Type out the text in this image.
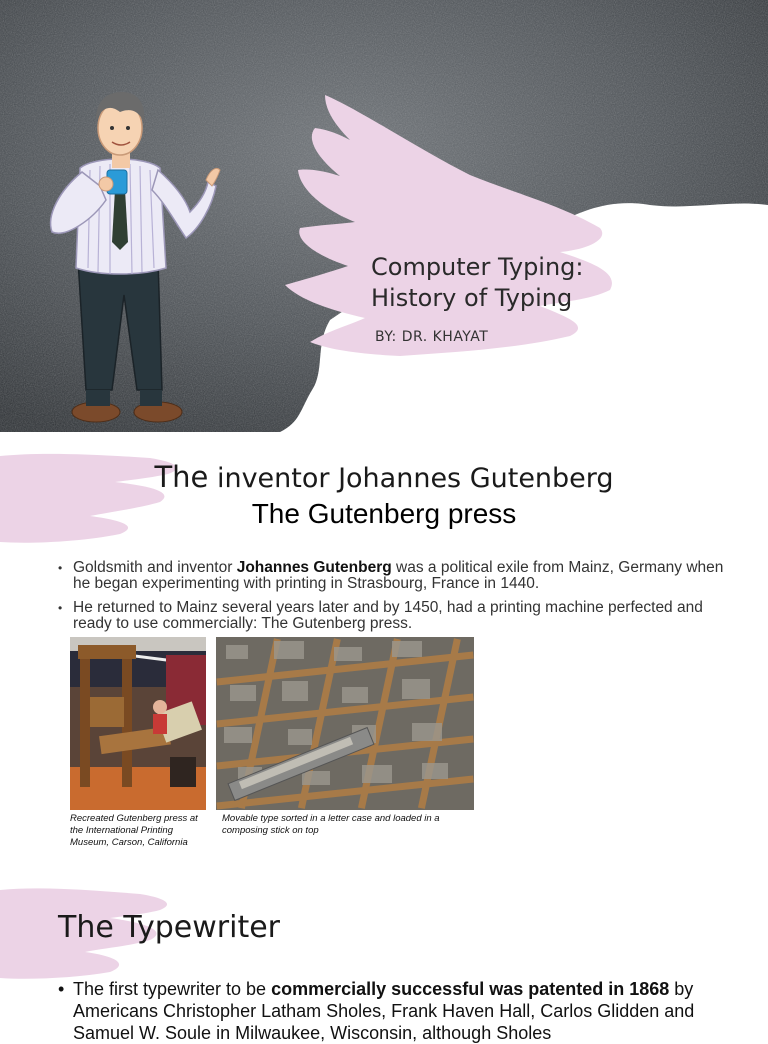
Computer Typing:
History of Typing
BY: DR. KHAYAT
The inventor Johannes Gutenberg
The Gutenberg press
• Goldsmith and inventor Johannes Gutenberg was a political exile from Mainz, Germany when he began experimenting with printing in Strasbourg, France in 1440.
• He returned to Mainz several years later and by 1450, had a printing machine perfected and ready to use commercially: The Gutenberg press.
Recreated Gutenberg press at the International Printing Museum, Carson, California
Movable type sorted in a letter case and loaded in a composing stick on top
The Typewriter

• The first typewriter to be commercially successful was patented in 1868 by Americans Christopher Latham Sholes, Frank Haven Hall, Carlos Glidden and Samuel W. Soule in Milwaukee, Wisconsin, although Sholes
